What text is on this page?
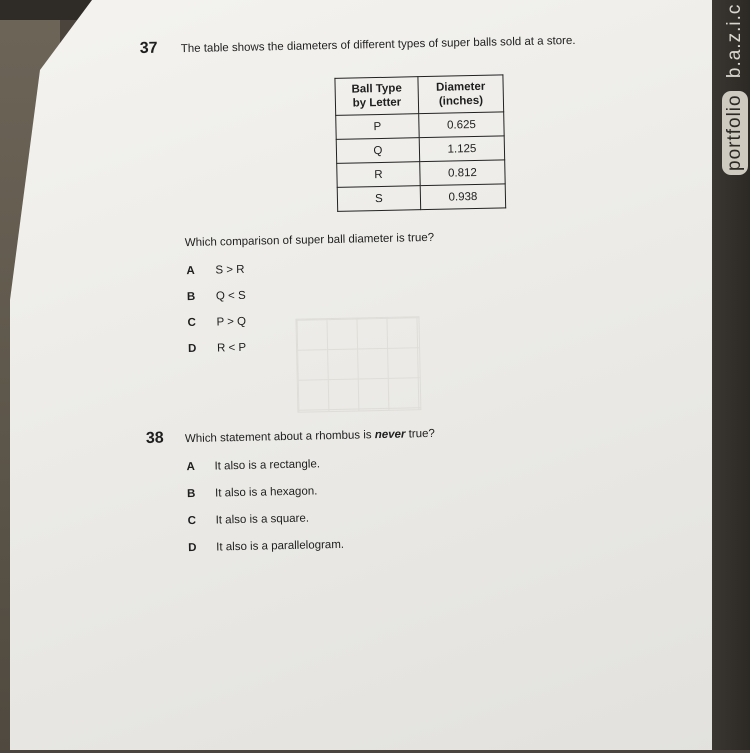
portfolio b.a.z.i.c
37 The table shows the diameters of different types of super balls sold at a store.
Ball Type
by Letter	Diameter
(inches)
P	0.625
Q	1.125
R	0.812
S	0.938
Which comparison of super ball diameter is true?
A S > R
B Q < S
C P > Q
D R < P
38 Which statement about a rhombus is never true?
A It also is a rectangle.
B It also is a hexagon.
C It also is a square.
D It also is a parallelogram.
